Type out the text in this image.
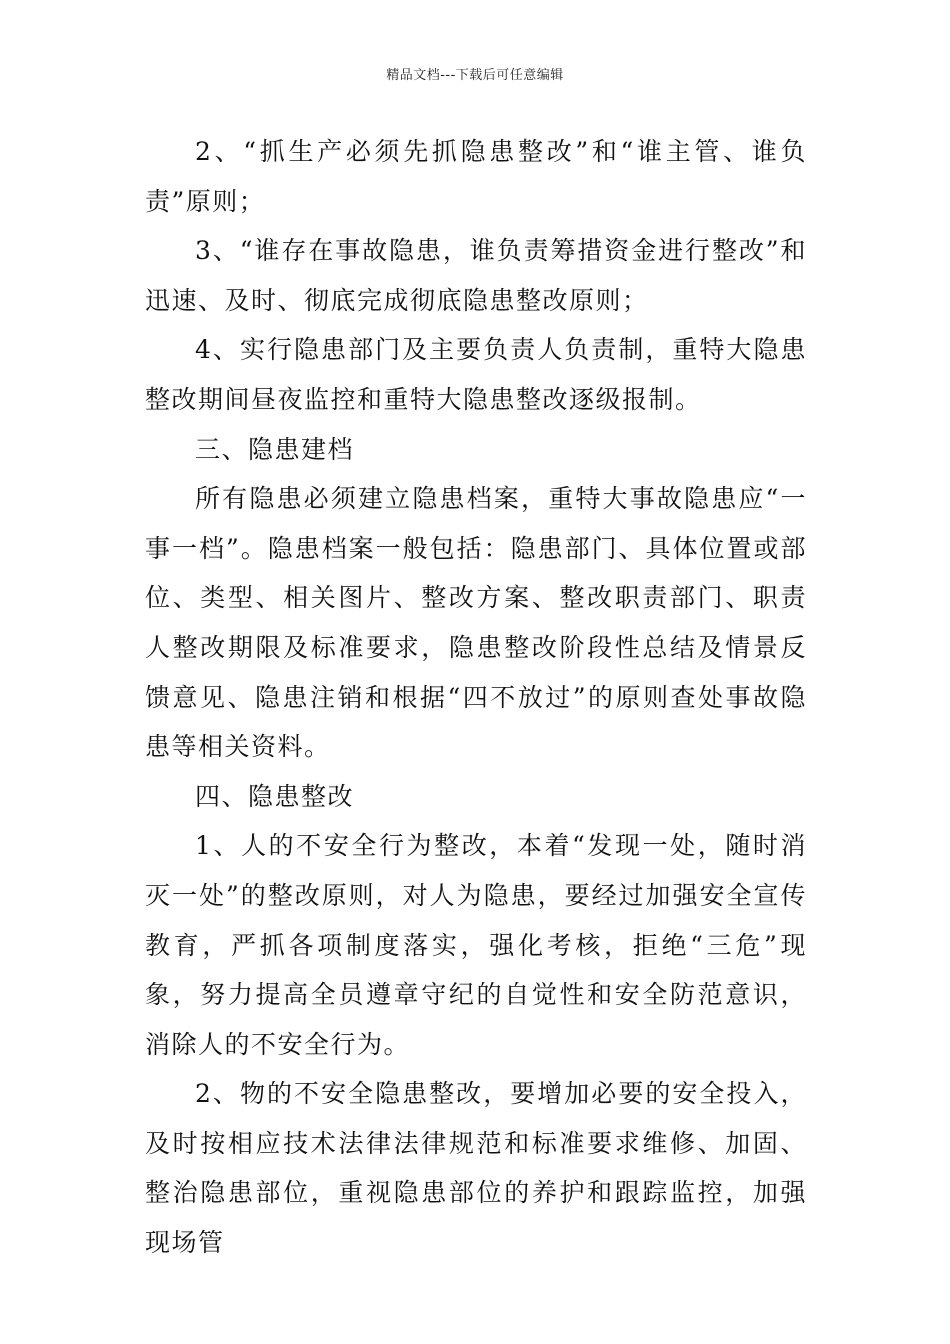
精品文档---下载后可任意编辑

2、“抓生产必须先抓隐患整改”和“谁主管、谁负责”原则；

3、“谁存在事故隐患，谁负责筹措资金进行整改”和迅速、及时、彻底完成彻底隐患整改原则；

4、实行隐患部门及主要负责人负责制，重特大隐患整改期间昼夜监控和重特大隐患整改逐级报制。

三、隐患建档

所有隐患必须建立隐患档案，重特大事故隐患应“一事一档”。隐患档案一般包括：隐患部门、具体位置或部位、类型、相关图片、整改方案、整改职责部门、职责人整改期限及标准要求，隐患整改阶段性总结及情景反馈意见、隐患注销和根据“四不放过”的原则查处事故隐患等相关资料。

四、隐患整改

1、人的不安全行为整改，本着“发现一处，随时消灭一处”的整改原则，对人为隐患，要经过加强安全宣传教育，严抓各项制度落实，强化考核，拒绝“三危”现象，努力提高全员遵章守纪的自觉性和安全防范意识，消除人的不安全行为。

2、物的不安全隐患整改，要增加必要的安全投入，及时按相应技术法律法律规范和标准要求维修、加固、整治隐患部位，重视隐患部位的养护和跟踪监控，加强现场管
